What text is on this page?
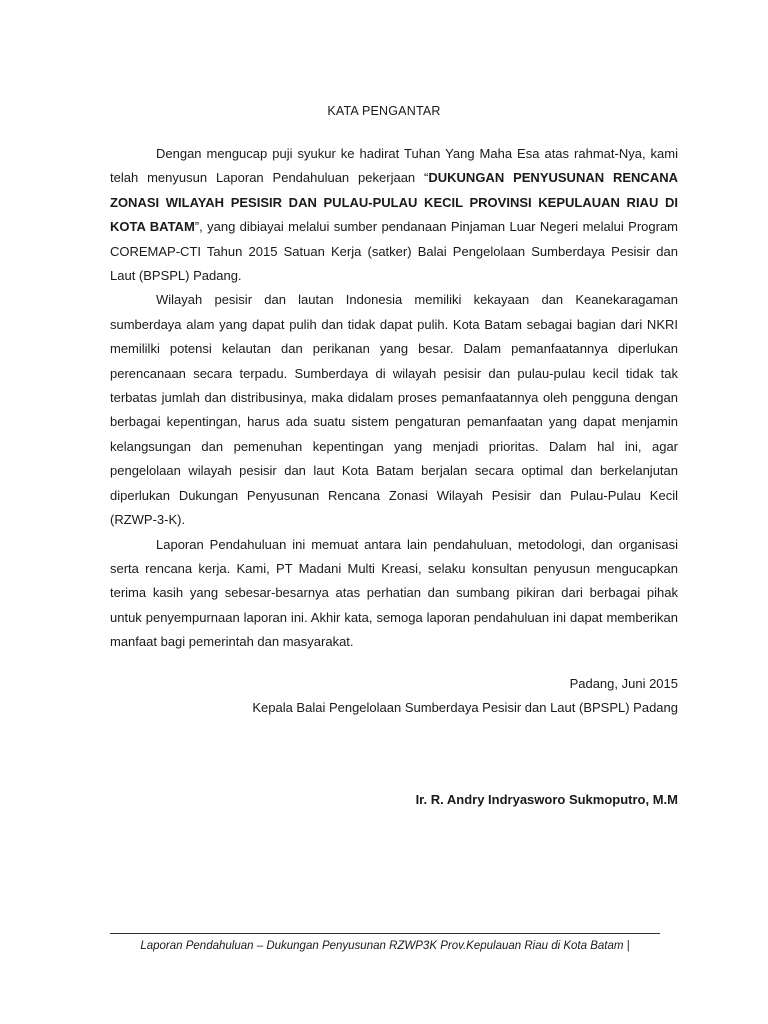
KATA PENGANTAR

Dengan mengucap puji syukur ke hadirat Tuhan Yang Maha Esa atas rahmat-Nya, kami telah menyusun Laporan Pendahuluan pekerjaan “DUKUNGAN PENYUSUNAN RENCANA ZONASI WILAYAH PESISIR DAN PULAU-PULAU KECIL PROVINSI KEPULAUAN RIAU DI KOTA BATAM”, yang dibiayai melalui sumber pendanaan Pinjaman Luar Negeri melalui Program COREMAP-CTI Tahun 2015 Satuan Kerja (satker) Balai Pengelolaan Sumberdaya Pesisir dan Laut (BPSPL) Padang.

Wilayah pesisir dan lautan Indonesia memiliki kekayaan dan Keanekaragaman sumberdaya alam yang dapat pulih dan tidak dapat pulih. Kota Batam sebagai bagian dari NKRI memililki potensi kelautan dan perikanan yang besar. Dalam pemanfaatannya diperlukan perencanaan secara terpadu. Sumberdaya di wilayah pesisir dan pulau-pulau kecil tidak tak terbatas jumlah dan distribusinya, maka didalam proses pemanfaatannya oleh pengguna dengan berbagai kepentingan, harus ada suatu sistem pengaturan pemanfaatan yang dapat menjamin kelangsungan dan pemenuhan kepentingan yang menjadi prioritas. Dalam hal ini, agar pengelolaan wilayah pesisir dan laut Kota Batam berjalan secara optimal dan berkelanjutan diperlukan Dukungan Penyusunan Rencana Zonasi Wilayah Pesisir dan Pulau-Pulau Kecil (RZWP-3-K).

Laporan Pendahuluan ini memuat antara lain pendahuluan, metodologi, dan organisasi serta rencana kerja. Kami, PT Madani Multi Kreasi, selaku konsultan penyusun mengucapkan terima kasih yang sebesar-besarnya atas perhatian dan sumbang pikiran dari berbagai pihak untuk penyempurnaan laporan ini. Akhir kata, semoga laporan pendahuluan ini dapat memberikan manfaat bagi pemerintah dan masyarakat.

Padang, Juni 2015
Kepala Balai Pengelolaan Sumberdaya Pesisir dan Laut (BPSPL) Padang
Ir. R. Andry Indryasworo Sukmoputro, M.M
Laporan Pendahuluan – Dukungan Penyusunan RZWP3K Prov.Kepulauan Riau di Kota Batam |
